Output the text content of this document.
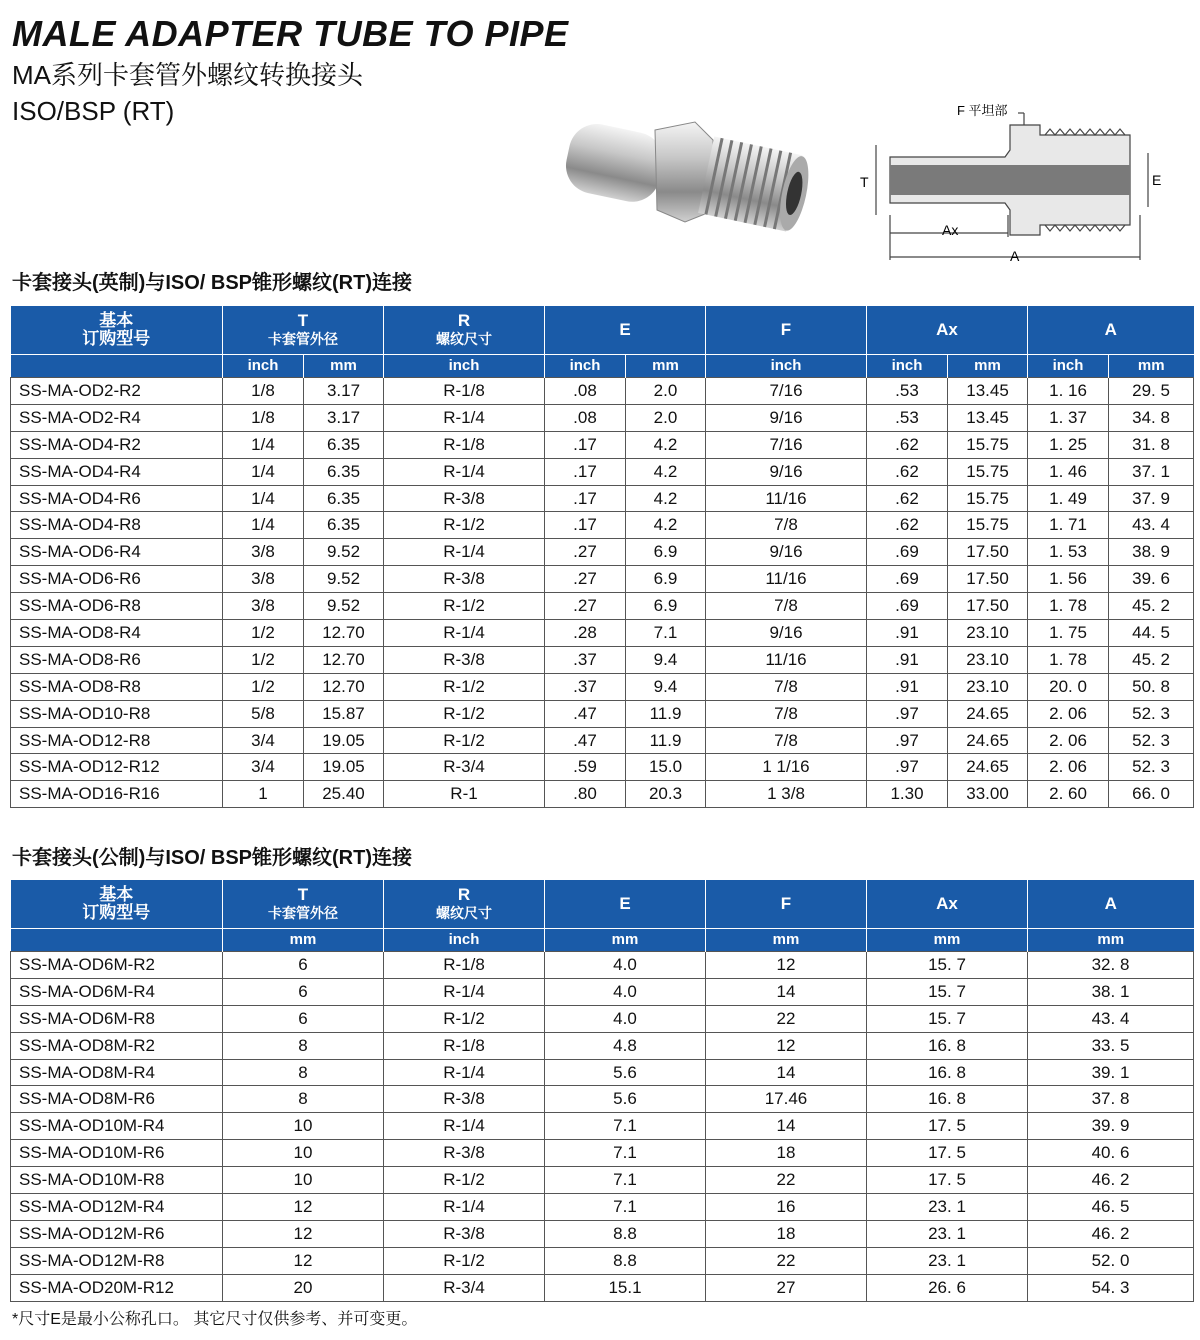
MALE ADAPTER TUBE TO PIPE
MA系列卡套管外螺纹转换接头
ISO/BSP (RT)
T	E
Ax
A
F 平坦部
卡套接头(英制)与ISO/ BSP锥形螺纹(RT)连接
基本
订购型号	T
卡套管外径		R
螺纹尺寸	E		F	Ax		A	
	inch	mm	inch	inch	mm	inch	inch	mm	inch	mm
SS-MA-OD2-R2	1/8	3.17	R-1/8	.08	2.0	7/16	.53	13.45	1. 16	29. 5
SS-MA-OD2-R4	1/8	3.17	R-1/4	.08	2.0	9/16	.53	13.45	1. 37	34. 8
SS-MA-OD4-R2	1/4	6.35	R-1/8	.17	4.2	7/16	.62	15.75	1. 25	31. 8
SS-MA-OD4-R4	1/4	6.35	R-1/4	.17	4.2	9/16	.62	15.75	1. 46	37. 1
SS-MA-OD4-R6	1/4	6.35	R-3/8	.17	4.2	11/16	.62	15.75	1. 49	37. 9
SS-MA-OD4-R8	1/4	6.35	R-1/2	.17	4.2	7/8	.62	15.75	1. 71	43. 4
SS-MA-OD6-R4	3/8	9.52	R-1/4	.27	6.9	9/16	.69	17.50	1. 53	38. 9
SS-MA-OD6-R6	3/8	9.52	R-3/8	.27	6.9	11/16	.69	17.50	1. 56	39. 6
SS-MA-OD6-R8	3/8	9.52	R-1/2	.27	6.9	7/8	.69	17.50	1. 78	45. 2
SS-MA-OD8-R4	1/2	12.70	R-1/4	.28	7.1	9/16	.91	23.10	1. 75	44. 5
SS-MA-OD8-R6	1/2	12.70	R-3/8	.37	9.4	11/16	.91	23.10	1. 78	45. 2
SS-MA-OD8-R8	1/2	12.70	R-1/2	.37	9.4	7/8	.91	23.10	20. 0	50. 8
SS-MA-OD10-R8	5/8	15.87	R-1/2	.47	11.9	7/8	.97	24.65	2. 06	52. 3
SS-MA-OD12-R8	3/4	19.05	R-1/2	.47	11.9	7/8	.97	24.65	2. 06	52. 3
SS-MA-OD12-R12	3/4	19.05	R-3/4	.59	15.0	1 1/16	.97	24.65	2. 06	52. 3
SS-MA-OD16-R16	1	25.40	R-1	.80	20.3	1 3/8	1.30	33.00	2. 60	66. 0
卡套接头(公制)与ISO/ BSP锥形螺纹(RT)连接
基本
订购型号	T
卡套管外径	R
螺纹尺寸	E	F	Ax	A
	mm	inch	mm	mm	mm	mm
SS-MA-OD6M-R2	6	R-1/8	4.0	12	15. 7	32. 8
SS-MA-OD6M-R4	6	R-1/4	4.0	14	15. 7	38. 1
SS-MA-OD6M-R8	6	R-1/2	4.0	22	15. 7	43. 4
SS-MA-OD8M-R2	8	R-1/8	4.8	12	16. 8	33. 5
SS-MA-OD8M-R4	8	R-1/4	5.6	14	16. 8	39. 1
SS-MA-OD8M-R6	8	R-3/8	5.6	17.46	16. 8	37. 8
SS-MA-OD10M-R4	10	R-1/4	7.1	14	17. 5	39. 9
SS-MA-OD10M-R6	10	R-3/8	7.1	18	17. 5	40. 6
SS-MA-OD10M-R8	10	R-1/2	7.1	22	17. 5	46. 2
SS-MA-OD12M-R4	12	R-1/4	7.1	16	23. 1	46. 5
SS-MA-OD12M-R6	12	R-3/8	8.8	18	23. 1	46. 2
SS-MA-OD12M-R8	12	R-1/2	8.8	22	23. 1	52. 0
SS-MA-OD20M-R12	20	R-3/4	15.1	27	26. 6	54. 3
*尺寸E是最小公称孔口。 其它尺寸仅供参考、并可变更。
